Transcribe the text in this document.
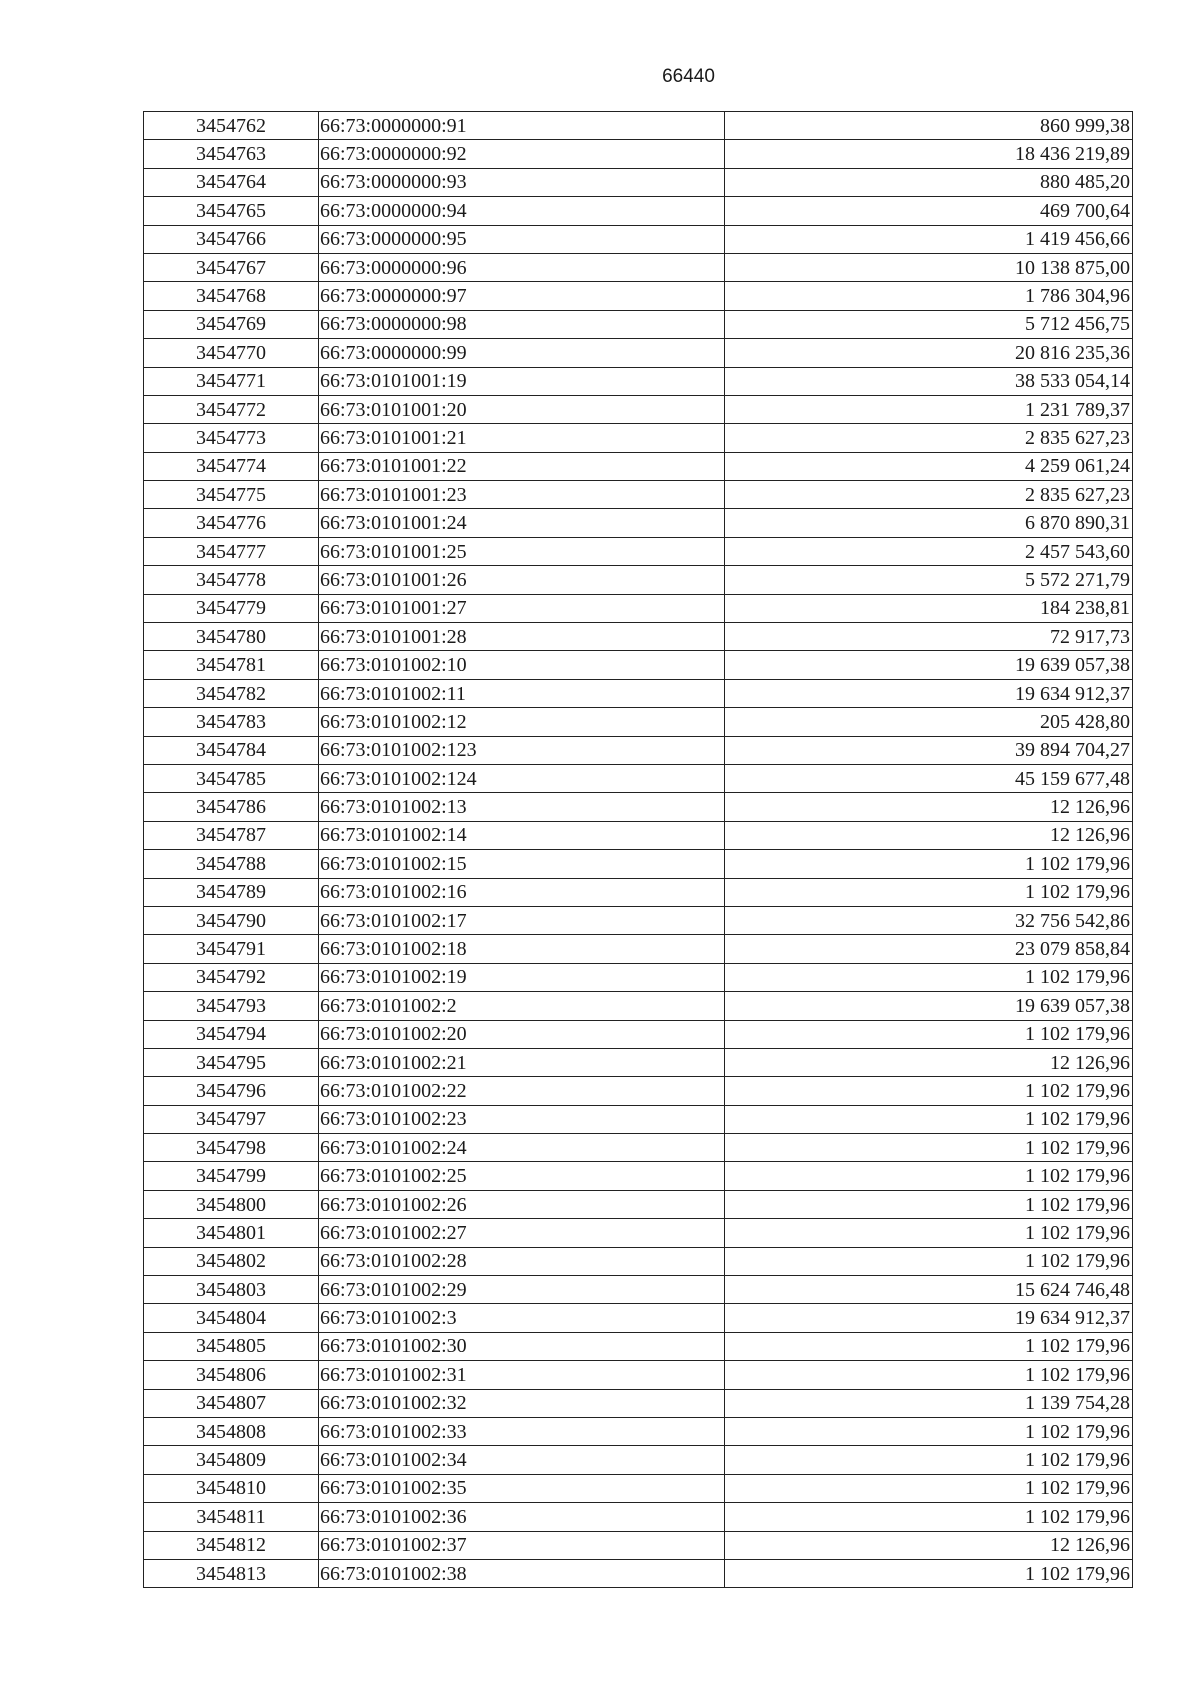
66440
3454762	66:73:0000000:91	860 999,38
3454763	66:73:0000000:92	18 436 219,89
3454764	66:73:0000000:93	880 485,20
3454765	66:73:0000000:94	469 700,64
3454766	66:73:0000000:95	1 419 456,66
3454767	66:73:0000000:96	10 138 875,00
3454768	66:73:0000000:97	1 786 304,96
3454769	66:73:0000000:98	5 712 456,75
3454770	66:73:0000000:99	20 816 235,36
3454771	66:73:0101001:19	38 533 054,14
3454772	66:73:0101001:20	1 231 789,37
3454773	66:73:0101001:21	2 835 627,23
3454774	66:73:0101001:22	4 259 061,24
3454775	66:73:0101001:23	2 835 627,23
3454776	66:73:0101001:24	6 870 890,31
3454777	66:73:0101001:25	2 457 543,60
3454778	66:73:0101001:26	5 572 271,79
3454779	66:73:0101001:27	184 238,81
3454780	66:73:0101001:28	72 917,73
3454781	66:73:0101002:10	19 639 057,38
3454782	66:73:0101002:11	19 634 912,37
3454783	66:73:0101002:12	205 428,80
3454784	66:73:0101002:123	39 894 704,27
3454785	66:73:0101002:124	45 159 677,48
3454786	66:73:0101002:13	12 126,96
3454787	66:73:0101002:14	12 126,96
3454788	66:73:0101002:15	1 102 179,96
3454789	66:73:0101002:16	1 102 179,96
3454790	66:73:0101002:17	32 756 542,86
3454791	66:73:0101002:18	23 079 858,84
3454792	66:73:0101002:19	1 102 179,96
3454793	66:73:0101002:2	19 639 057,38
3454794	66:73:0101002:20	1 102 179,96
3454795	66:73:0101002:21	12 126,96
3454796	66:73:0101002:22	1 102 179,96
3454797	66:73:0101002:23	1 102 179,96
3454798	66:73:0101002:24	1 102 179,96
3454799	66:73:0101002:25	1 102 179,96
3454800	66:73:0101002:26	1 102 179,96
3454801	66:73:0101002:27	1 102 179,96
3454802	66:73:0101002:28	1 102 179,96
3454803	66:73:0101002:29	15 624 746,48
3454804	66:73:0101002:3	19 634 912,37
3454805	66:73:0101002:30	1 102 179,96
3454806	66:73:0101002:31	1 102 179,96
3454807	66:73:0101002:32	1 139 754,28
3454808	66:73:0101002:33	1 102 179,96
3454809	66:73:0101002:34	1 102 179,96
3454810	66:73:0101002:35	1 102 179,96
3454811	66:73:0101002:36	1 102 179,96
3454812	66:73:0101002:37	12 126,96
3454813	66:73:0101002:38	1 102 179,96
